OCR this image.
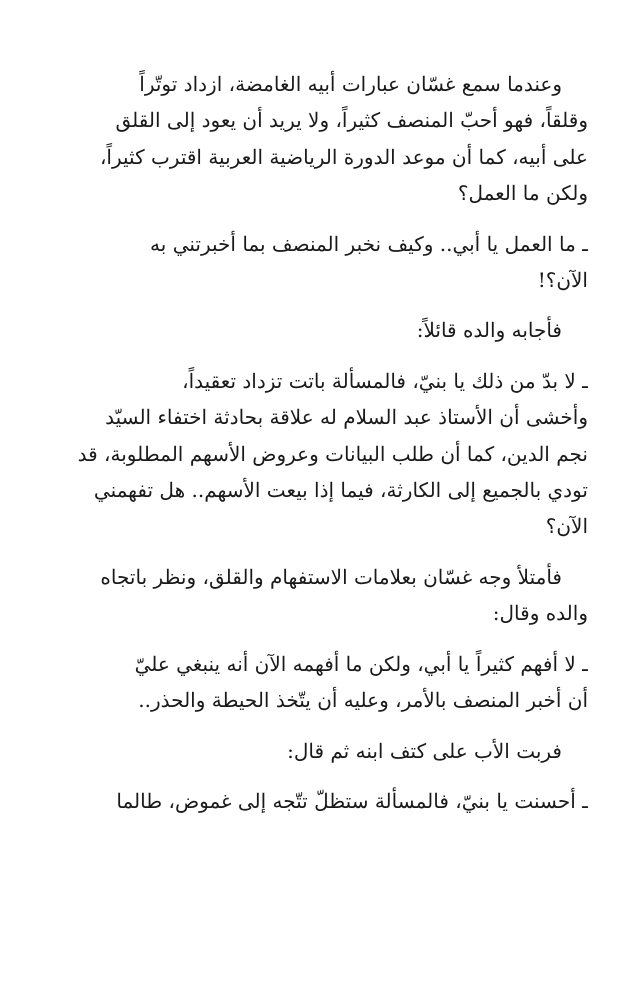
وعندما سمع غسّان عبارات أبيه الغامضة، ازداد توتّراً
وقلقاً، فهو أحبّ المنصف كثيراً، ولا يريد أن يعود إلى القلق
على أبيه، كما أن موعد الدورة الرياضية العربية اقترب كثيراً،
ولكن ما العمل؟

ـ ما العمل يا أبي.. وكيف نخبر المنصف بما أخبرتني به
الآن؟!

فأجابه والده قائلاً:

ـ لا بدّ من ذلك يا بنيّ، فالمسألة باتت تزداد تعقيداً،
وأخشى أن الأستاذ عبد السلام له علاقة بحادثة اختفاء السيّد
نجم الدين، كما أن طلب البيانات وعروض الأسهم المطلوبة، قد
تودي بالجميع إلى الكارثة، فيما إذا بيعت الأسهم.. هل تفهمني
الآن؟

فأمتلأ وجه غسّان بعلامات الاستفهام والقلق، ونظر باتجاه
والده وقال:

ـ لا أفهم كثيراً يا أبي، ولكن ما أفهمه الآن أنه ينبغي عليّ
أن أخبر المنصف بالأمر، وعليه أن يتّخذ الحيطة والحذر..

فربت الأب على كتف ابنه ثم قال:

ـ أحسنت يا بنيّ، فالمسألة ستظلّ تتّجه إلى غموض، طالما
